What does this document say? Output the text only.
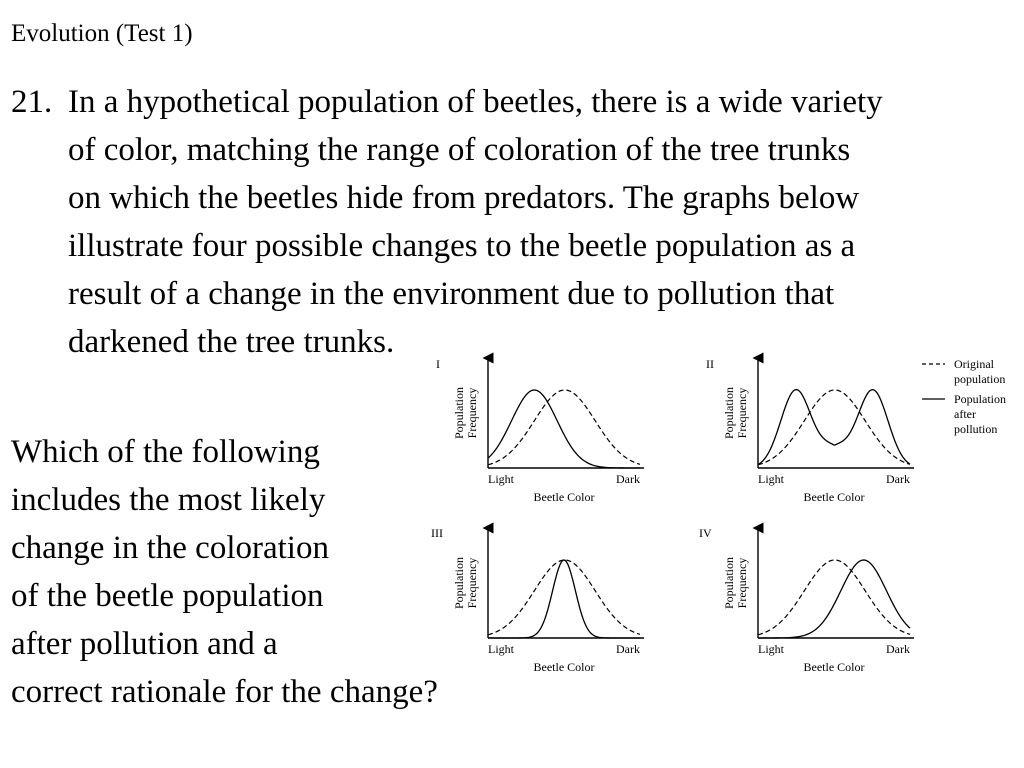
Evolution (Test 1)
21. In a hypothetical population of beetles, there is a wide variety
of color, matching the range of coloration of the tree trunks
on which the beetles hide from predators. The graphs below
illustrate four possible changes to the beetle population as a
result of a change in the environment due to pollution that
darkened the tree trunks.
Which of the following
includes the most likely
change in the coloration
of the beetle population
after pollution and a
correct rationale for the change?
I
Light	Dark
Beetle Color
Population Frequency
II
Light	Dark
Beetle Color
Population Frequency
III
Light	Dark
Beetle Color
Population Frequency
IV
Light	Dark
Beetle Color
Population Frequency
Original
population
Population
after
pollution
